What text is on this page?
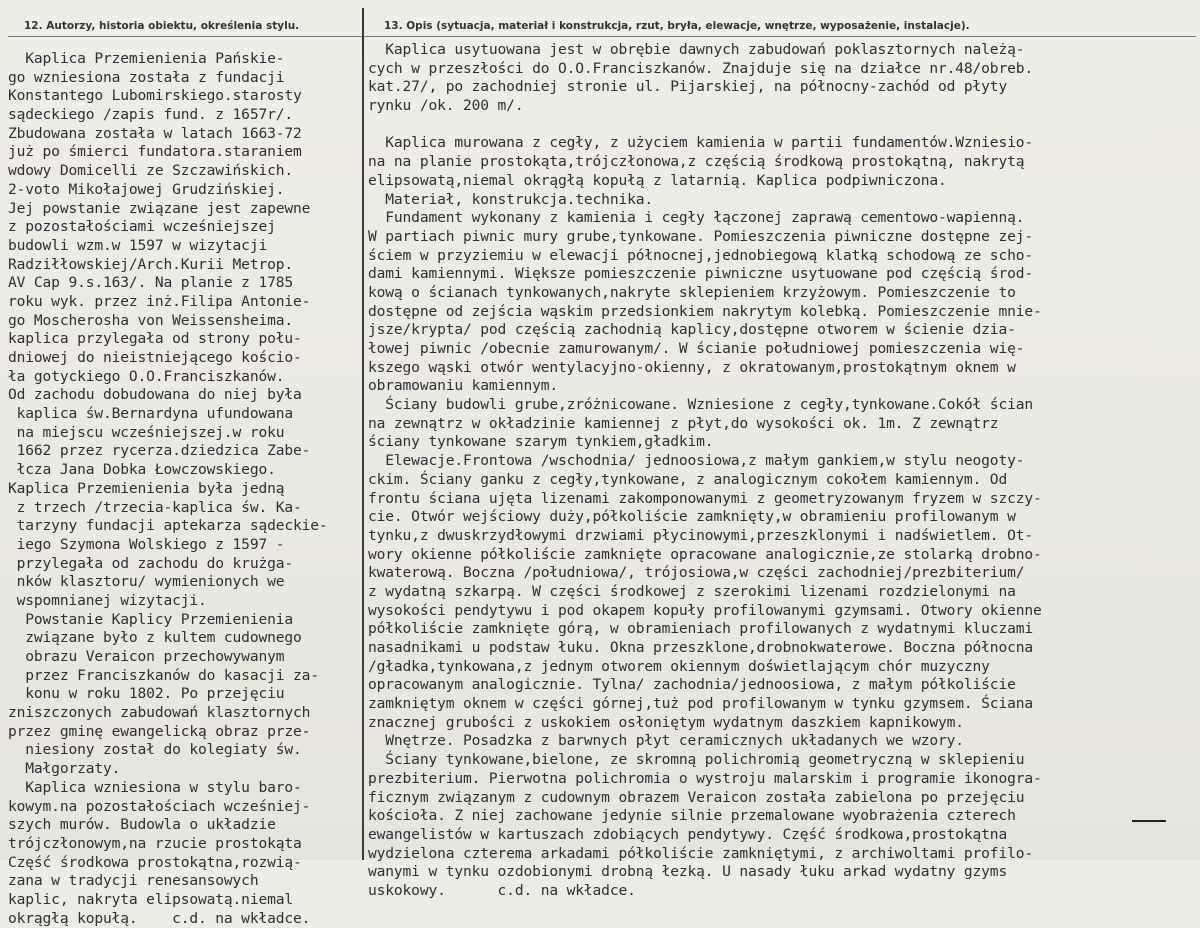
12. Autorzy, historia obiektu, określenia stylu.	13. Opis (sytuacja, materiał i konstrukcja, rzut, bryła, elewacje, wnętrze, wyposażenie, instalacje).
Kaplica Przemienienia Pańskie-
go wzniesiona została z fundacji
Konstantego Lubomirskiego.starosty
sądeckiego /zapis fund. z 1657r/.
Zbudowana została w latach 1663-72
już po śmierci fundatora.staraniem
wdowy Domicelli ze Szczawińskich.
2-voto Mikołajowej Grudzińskiej.
Jej powstanie związane jest zapewne
z pozostałościami wcześniejszej
budowli wzm.w 1597 w wizytacji
Radziłłowskiej/Arch.Kurii Metrop.
AV Cap 9.s.163/. Na planie z 1785
roku wyk. przez inż.Filipa Antonie-
go Moscherosha von Weissensheima.
kaplica przylegała od strony połu-
dniowej do nieistniejącego kościo-
ła gotyckiego O.O.Franciszkanów.
Od zachodu dobudowana do niej była
kaplica św.Bernardyna ufundowana
na miejscu wcześniejszej.w roku
1662 przez rycerza.dziedzica Zabe-
łcza Jana Dobka Łowczowskiego.
Kaplica Przemienienia była jedną
z trzech /trzecia-kaplica św. Ka-
tarzyny fundacji aptekarza sądeckie-
iego Szymona Wolskiego z 1597 -
przylegała od zachodu do krużga-
nków klasztoru/ wymienionych we
wspomnianej wizytacji.
Powstanie Kaplicy Przemienienia
związane było z kultem cudownego
obrazu Veraicon przechowywanym
przez Franciszkanów do kasacji za-
konu w roku 1802. Po przejęciu
zniszczonych zabudowań klasztornych
przez gminę ewangelicką obraz prze-
niesiony został do kolegiaty św.
Małgorzaty.
Kaplica wzniesiona w stylu baro-
kowym.na pozostałościach wcześniej-
szych murów. Budowla o układzie
trójczłonowym,na rzucie prostokąta
Część środkowa prostokątna,rozwią-
zana w tradycji renesansowych
kaplic, nakryta elipsowatą.niemal
okrągłą kopułą.    c.d. na wkładce.
Kaplica usytuowana jest w obrębie dawnych zabudowań poklasztornych należą-
cych w przeszłości do O.O.Franciszkanów. Znajduje się na działce nr.48/obreb.
kat.27/, po zachodniej stronie ul. Pijarskiej, na północny-zachód od płyty
rynku /ok. 200 m/.
Kaplica murowana z cegły, z użyciem kamienia w partii fundamentów.Wzniesio-
na na planie prostokąta,trójczłonowa,z częścią środkową prostokątną, nakrytą
elipsowatą,niemal okrągłą kopułą z latarnią. Kaplica podpiwniczona.
Materiał, konstrukcja.technika.
Fundament wykonany z kamienia i cegły łączonej zaprawą cementowo-wapienną.
W partiach piwnic mury grube,tynkowane. Pomieszczenia piwniczne dostępne zej-
ściem w przyziemiu w elewacji północnej,jednobiegową klatką schodową ze scho-
dami kamiennymi. Większe pomieszczenie piwniczne usytuowane pod częścią środ-
kową o ścianach tynkowanych,nakryte sklepieniem krzyżowym. Pomieszczenie to
dostępne od zejścia wąskim przedsionkiem nakrytym kolebką. Pomieszczenie mnie-
jsze/krypta/ pod częścią zachodnią kaplicy,dostępne otworem w ścienie dzia-
łowej piwnic /obecnie zamurowanym/. W ścianie południowej pomieszczenia wię-
kszego wąski otwór wentylacyjno-okienny, z okratowanym,prostokątnym oknem w
obramowaniu kamiennym.
Ściany budowli grube,zróżnicowane. Wzniesione z cegły,tynkowane.Cokół ścian
na zewnątrz w okładzinie kamiennej z płyt,do wysokości ok. 1m. Z zewnątrz
ściany tynkowane szarym tynkiem,gładkim.
Elewacje.Frontowa /wschodnia/ jednoosiowa,z małym gankiem,w stylu neogoty-
ckim. Ściany ganku z cegły,tynkowane, z analogicznym cokołem kamiennym. Od
frontu ściana ujęta lizenami zakomponowanymi z geometryzowanym fryzem w szczy-
cie. Otwór wejściowy duży,półkoliście zamknięty,w obramieniu profilowanym w
tynku,z dwuskrzydłowymi drzwiami płycinowymi,przeszklonymi i nadświetlem. Ot-
wory okienne półkoliście zamknięte opracowane analogicznie,ze stolarką drobno-
kwaterową. Boczna /południowa/, trójosiowa,w części zachodniej/prezbiterium/
z wydatną szkarpą. W części środkowej z szerokimi lizenami rozdzielonymi na
wysokości pendytywu i pod okapem kopuły profilowanymi gzymsami. Otwory okienne
półkoliście zamknięte górą, w obramieniach profilowanych z wydatnymi kluczami
nasadnikami u podstaw łuku. Okna przeszklone,drobnokwaterowe. Boczna północna
/gładka,tynkowana,z jednym otworem okiennym doświetlającym chór muzyczny
opracowanym analogicznie. Tylna/ zachodnia/jednoosiowa, z małym półkoliście
zamkniętym oknem w części górnej,tuż pod profilowanym w tynku gzymsem. Ściana
znacznej grubości z uskokiem osłoniętym wydatnym daszkiem kapnikowym.
Wnętrze. Posadzka z barwnych płyt ceramicznych układanych we wzory.
Ściany tynkowane,bielone, ze skromną polichromią geometryczną w sklepieniu
prezbiterium. Pierwotna polichromia o wystroju malarskim i programie ikonogra-
ficznym związanym z cudownym obrazem Veraicon została zabielona po przejęciu
kościoła. Z niej zachowane jedynie silnie przemalowane wyobrażenia czterech
ewangelistów w kartuszach zdobiących pendytywy. Część środkowa,prostokątna
wydzielona czterema arkadami półkoliście zamkniętymi, z archiwoltami profilo-
wanymi w tynku ozdobionymi drobną łezką. U nasady łuku arkad wydatny gzyms
uskokowy.      c.d. na wkładce.
